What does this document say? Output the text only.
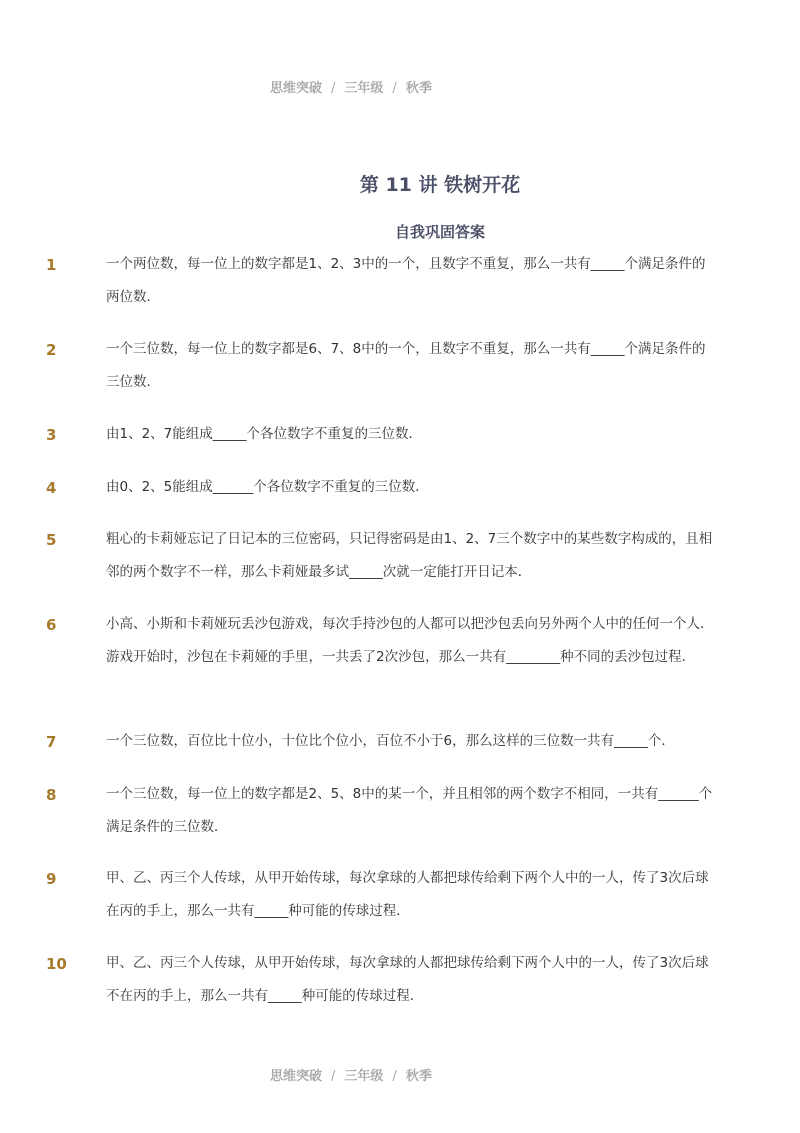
思维突破 / 三年级 / 秋季
第 11 讲 铁树开花
自我巩固答案
1	一个两位数，每一位上的数字都是1、2、3中的一个，且数字不重复，那么一共有_____个满足条件的两位数．
2	一个三位数，每一位上的数字都是6、7、8中的一个，且数字不重复，那么一共有_____个满足条件的三位数．
3	由1、2、7能组成_____个各位数字不重复的三位数．
4	由0、2、5能组成______个各位数字不重复的三位数．
5	粗心的卡莉娅忘记了日记本的三位密码，只记得密码是由1、2、7三个数字中的某些数字构成的，且相邻的两个数字不一样，那么卡莉娅最多试_____次就一定能打开日记本．
6	小高、小斯和卡莉娅玩丢沙包游戏，每次手持沙包的人都可以把沙包丢向另外两个人中的任何一个人．游戏开始时，沙包在卡莉娅的手里，一共丢了2次沙包，那么一共有________种不同的丢沙包过程．
7	一个三位数，百位比十位小，十位比个位小，百位不小于6，那么这样的三位数一共有_____个．
8	一个三位数，每一位上的数字都是2、5、8中的某一个，并且相邻的两个数字不相同，一共有______个满足条件的三位数．
9	甲、乙、丙三个人传球，从甲开始传球，每次拿球的人都把球传给剩下两个人中的一人，传了3次后球在丙的手上，那么一共有_____种可能的传球过程．
10	甲、乙、丙三个人传球，从甲开始传球，每次拿球的人都把球传给剩下两个人中的一人，传了3次后球不在丙的手上，那么一共有_____种可能的传球过程．
思维突破 / 三年级 / 秋季
